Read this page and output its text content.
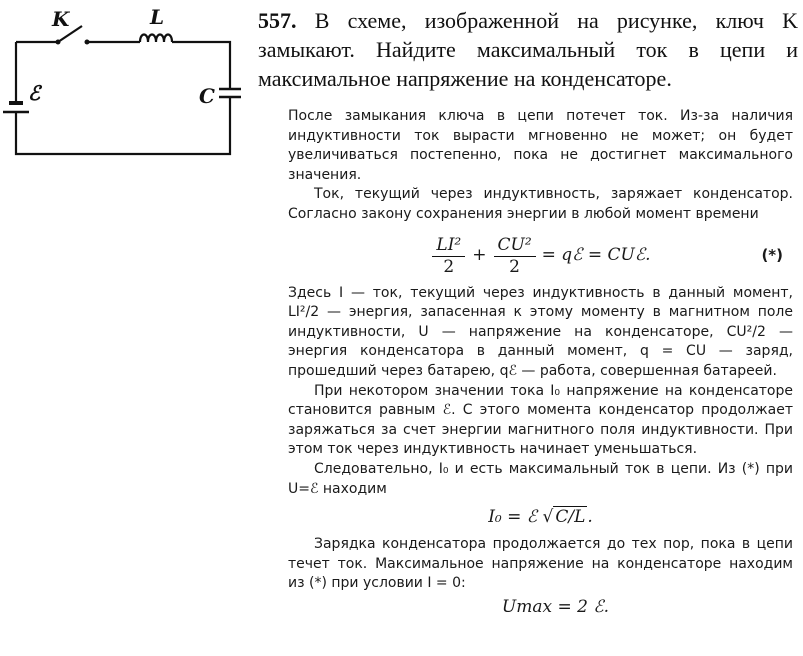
K	L
ℰ	C
557. В схеме, изображенной на рисунке, ключ K замыкают. Найдите максимальный ток в цепи и максимальное напряжение на конденсаторе.

После замыкания ключа в цепи потечет ток. Из-за наличия индуктивности ток вырасти мгновенно не может; он будет увеличиваться постепенно, пока не достигнет максимального значения.

Ток, текущий через индуктивность, заряжает конденсатор. Согласно закону сохранения энергии в любой момент времени

$\frac{\text{LI²}}{2} + \frac{\text{CU²}}{2}$ = qℰ = CUℰ.	(*)

Здесь I — ток, текущий через индуктивность в данный момент, LI²/2 — энергия, запасенная к этому моменту в магнитном поле индуктивности, U — напряжение на конденсаторе, CU²/2 — энергия конденсатора в данный момент, q = CU — заряд, прошедший через батарею, qℰ — работа, совершенная батареей.

При некотором значении тока I₀ напряжение на конденсаторе становится равным ℰ. С этого момента конденсатор продолжает заряжаться за счет энергии магнитного поля индуктивности. При этом ток через индуктивность начинает уменьшаться.

Следовательно, I₀ и есть максимальный ток в цепи. Из (*) при U=ℰ находим

I₀ = ℰ √ C/L .

Зарядка конденсатора продолжается до тех пор, пока в цепи течет ток. Максимальное напряжение на конденсаторе находим из (*) при условии I = 0:

Umax = 2 ℰ.
